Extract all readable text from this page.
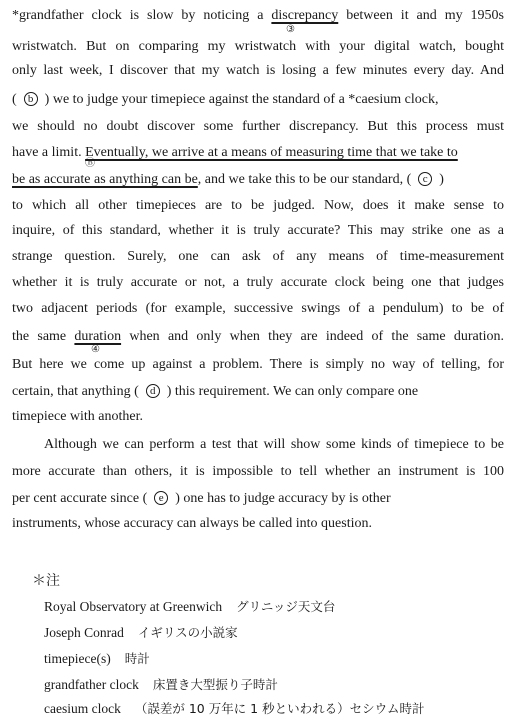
*grandfather clock is slow by noticing a discrepancy between it and my 1950s
③
wristwatch. But on comparing my wristwatch with your digital watch, bought
only last week, I discover that my watch is losing a few minutes every day. And
( b ) we to judge your timepiece against the standard of a *caesium clock,
we should no doubt discover some further discrepancy. But this process must
have a limit. Eventually, we arrive at a means of measuring time that we take to
Ⓑ
be as accurate as anything can be, and we take this to be our standard, ( c )
to which all other timepieces are to be judged. Now, does it make sense to
inquire, of this standard, whether it is truly accurate? This may strike one as a
strange question. Surely, one can ask of any means of time-measurement
whether it is truly accurate or not, a truly accurate clock being one that judges
two adjacent periods (for example, successive swings of a pendulum) to be of
the same duration when and only when they are indeed of the same duration.
④
But here we come up against a problem. There is simply no way of telling, for
certain, that anything ( d ) this requirement. We can only compare one
timepiece with another.
Although we can perform a test that will show some kinds of timepiece to be
more accurate than others, it is impossible to tell whether an instrument is 100
per cent accurate since ( e ) one has to judge accuracy by is other
instruments, whose accuracy can always be called into question.
＊注
Royal Observatory at Greenwich グリニッジ天文台
Joseph Conrad イギリスの小説家
timepiece(s) 時計
grandfather clock 床置き大型振り子時計
caesium clock （誤差が 10 万年に 1 秒といわれる）セシウム時計
